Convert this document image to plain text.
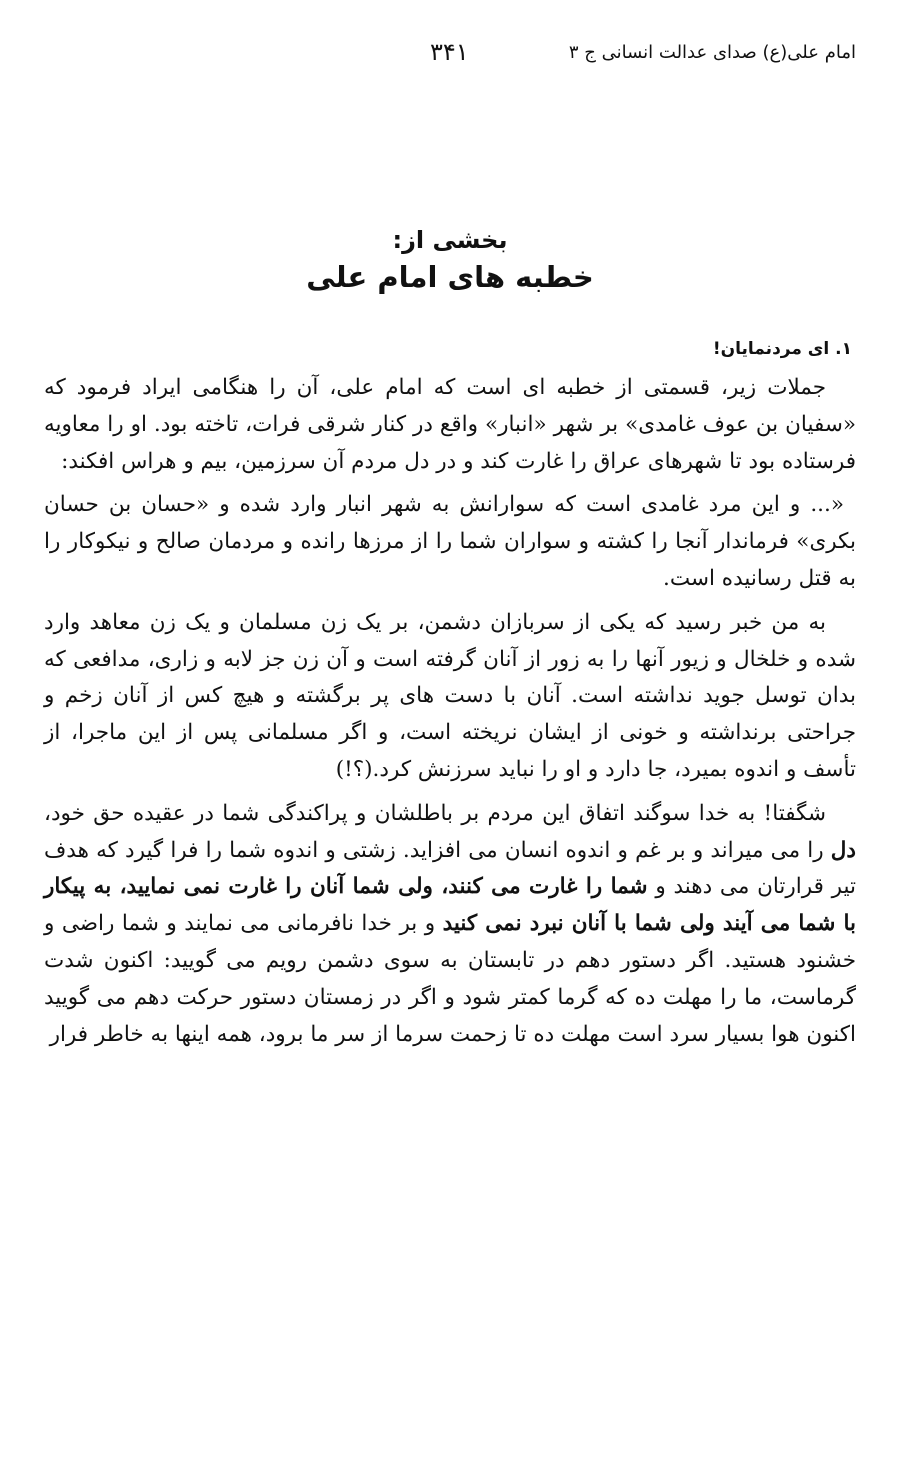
امام علی(ع) صدای عدالت انسانی ج ۳
۳۴۱
بخشی از:
خطبه های امام علی
۱. ای مردنمایان!

جملات زیر، قسمتی از خطبه ای است که امام علی، آن را هنگامی ایراد فرمود که «سفیان بن عوف غامدی» بر شهر «انبار» واقع در کنار شرقی فرات، تاخته بود. او را معاویه فرستاده بود تا شهرهای عراق را غارت کند و در دل مردم آن سرزمین، بیم و هراس افکند:

«... و این مرد غامدی است که سوارانش به شهر انبار وارد شده و «حسان بن حسان بکری» فرماندار آنجا را کشته و سواران شما را از مرزها رانده و مردمان صالح و نیکوکار را به قتل رسانیده است.

به من خبر رسید که یکی از سربازان دشمن، بر یک زن مسلمان و یک زن معاهد وارد شده و خلخال و زیور آنها را به زور از آنان گرفته است و آن زن جز لابه و زاری، مدافعی که بدان توسل جوید نداشته است. آنان با دست های پر برگشته و هیچ کس از آنان زخم و جراحتی برنداشته و خونی از ایشان نریخته است، و اگر مسلمانی پس از این ماجرا، از تأسف و اندوه بمیرد، جا دارد و او را نباید سرزنش کرد.(؟!)

شگفتا! به خدا سوگند اتفاق این مردم بر باطلشان و پراکندگی شما در عقیده حق خود، دل را می میراند و بر غم و اندوه انسان می افزاید. زشتی و اندوه شما را فرا گیرد که هدف تیر قرارتان می دهند و شما را غارت می کنند، ولی شما آنان را غارت نمی نمایید، به پیکار با شما می آیند ولی شما با آنان نبرد نمی کنید و بر خدا نافرمانی می نمایند و شما راضی و خشنود هستید. اگر دستور دهم در تابستان به سوی دشمن رویم می گویید: اکنون شدت گرماست، ما را مهلت ده که گرما کمتر شود و اگر در زمستان دستور حرکت دهم می گویید اکنون هوا بسیار سرد است مهلت ده تا زحمت سرما از سر ما برود، همه اینها به خاطر فرار
